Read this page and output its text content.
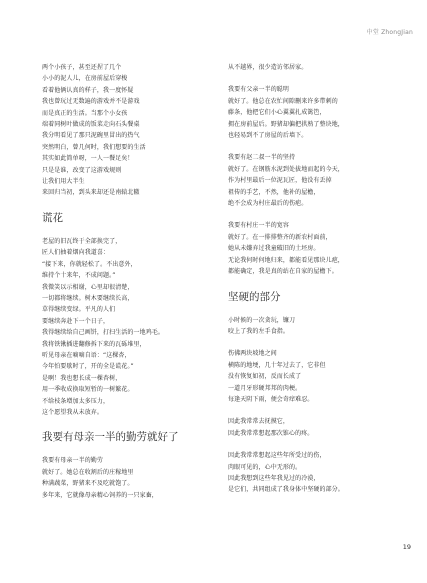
中堂 ZhongJian
两个小孩子，甚至还捏了几个
小小的泥人儿，在房前屋后穿梭
看着他俩认真的样子，我一度怀疑
我也曾玩过无数遍的游戏并不是游戏
而是真正的生活。当那个小女孩
端着同树叶做成的饭菜走向石头餐桌
我分明看见了那只泥碗里冒出的热气
突然明白，曾几何时，我们想要的生活
其实如此简单呀，一人一餐足矣！
只是是谁，改变了这游戏规则
让我们用大半生
来回归当初，到头来却还是南辕北辙
谎花
老屋的旧瓦终于全部换完了，
匠人们抽着烟向我道喜：
“接下来，你就轻松了。不出意外，
维持个十来年，不成问题。”
我微笑以示相谢，心里却很清楚，
一切都将继续。树木要继续长高，
草得继续变绿。平凡的人们
要继续奔赴下一个日子，
我得继续给自己画饼，打扫生活的一地鸡毛。
我将铁锹插进翻修拆下来的瓦砾堆里，
听见母亲在嘀嘀自语：“这棵杏，
今年怕要歇时了，开的全是谎花。”
是啊！我也想长成一棵杏树，
用一季收成换取短暂的一树繁花。
不给枝条增加太多压力，
这个愿望我从未放弃。
我要有母亲一半的勤劳就好了
我要有母亲一半的勤劳
就好了。她总在收割后的庄稼地里
种满蔬菜，野猪来不及吃就饱了。
多年来，它就像母亲精心饲养的一只家畜，
从不越界，很少造访邻居家。
我要有父亲一半的聪明
就好了。他总在农忙间隙删来许多带刺的
藤条，他把它们小心翼翼扎成篱笆，
拥在房前屋后。野猪却偏把拱熟了整块地，
也轻易到不了房屋的后墙下。
我要有赵二叔一半的坚持
就好了。在钢筋水泥到处拔地而起的今天，
作为村里最后一位泥瓦匠，他没有丢掉
祖传的手艺，不然，他补的屋檐，
绝不会成为村庄最后的伤疤。
我要有村庄一半的宽容
就好了。在一排排整齐的新农村面前，
她从未嫌弃过我童破旧的土坯房。
无论我何时何地归来，都能看见那块儿疤，
都能确定，我是真的站在自家的屋檐下。
坚硬的部分
小时候的一次贪玩，镰刀
咬上了我的左手食指。
伤佛两块坡地之间
横陈的地埂，几十年过去了，它非但
没有恢复如初，反而长成了
一道月牙形硬邦邦的肉梗。
每逢天阴下雨，便会奇痒难忍。
因此我常常去抚摸它，
因此我常常想起那次锥心的疼。
因此我常常想起这些年所受过的伤，
肉眼可见的，心中无形的。
因此我想到这些年我见过的冷漠，
是它们，共同组成了我身体中坚硬的部分。
19
